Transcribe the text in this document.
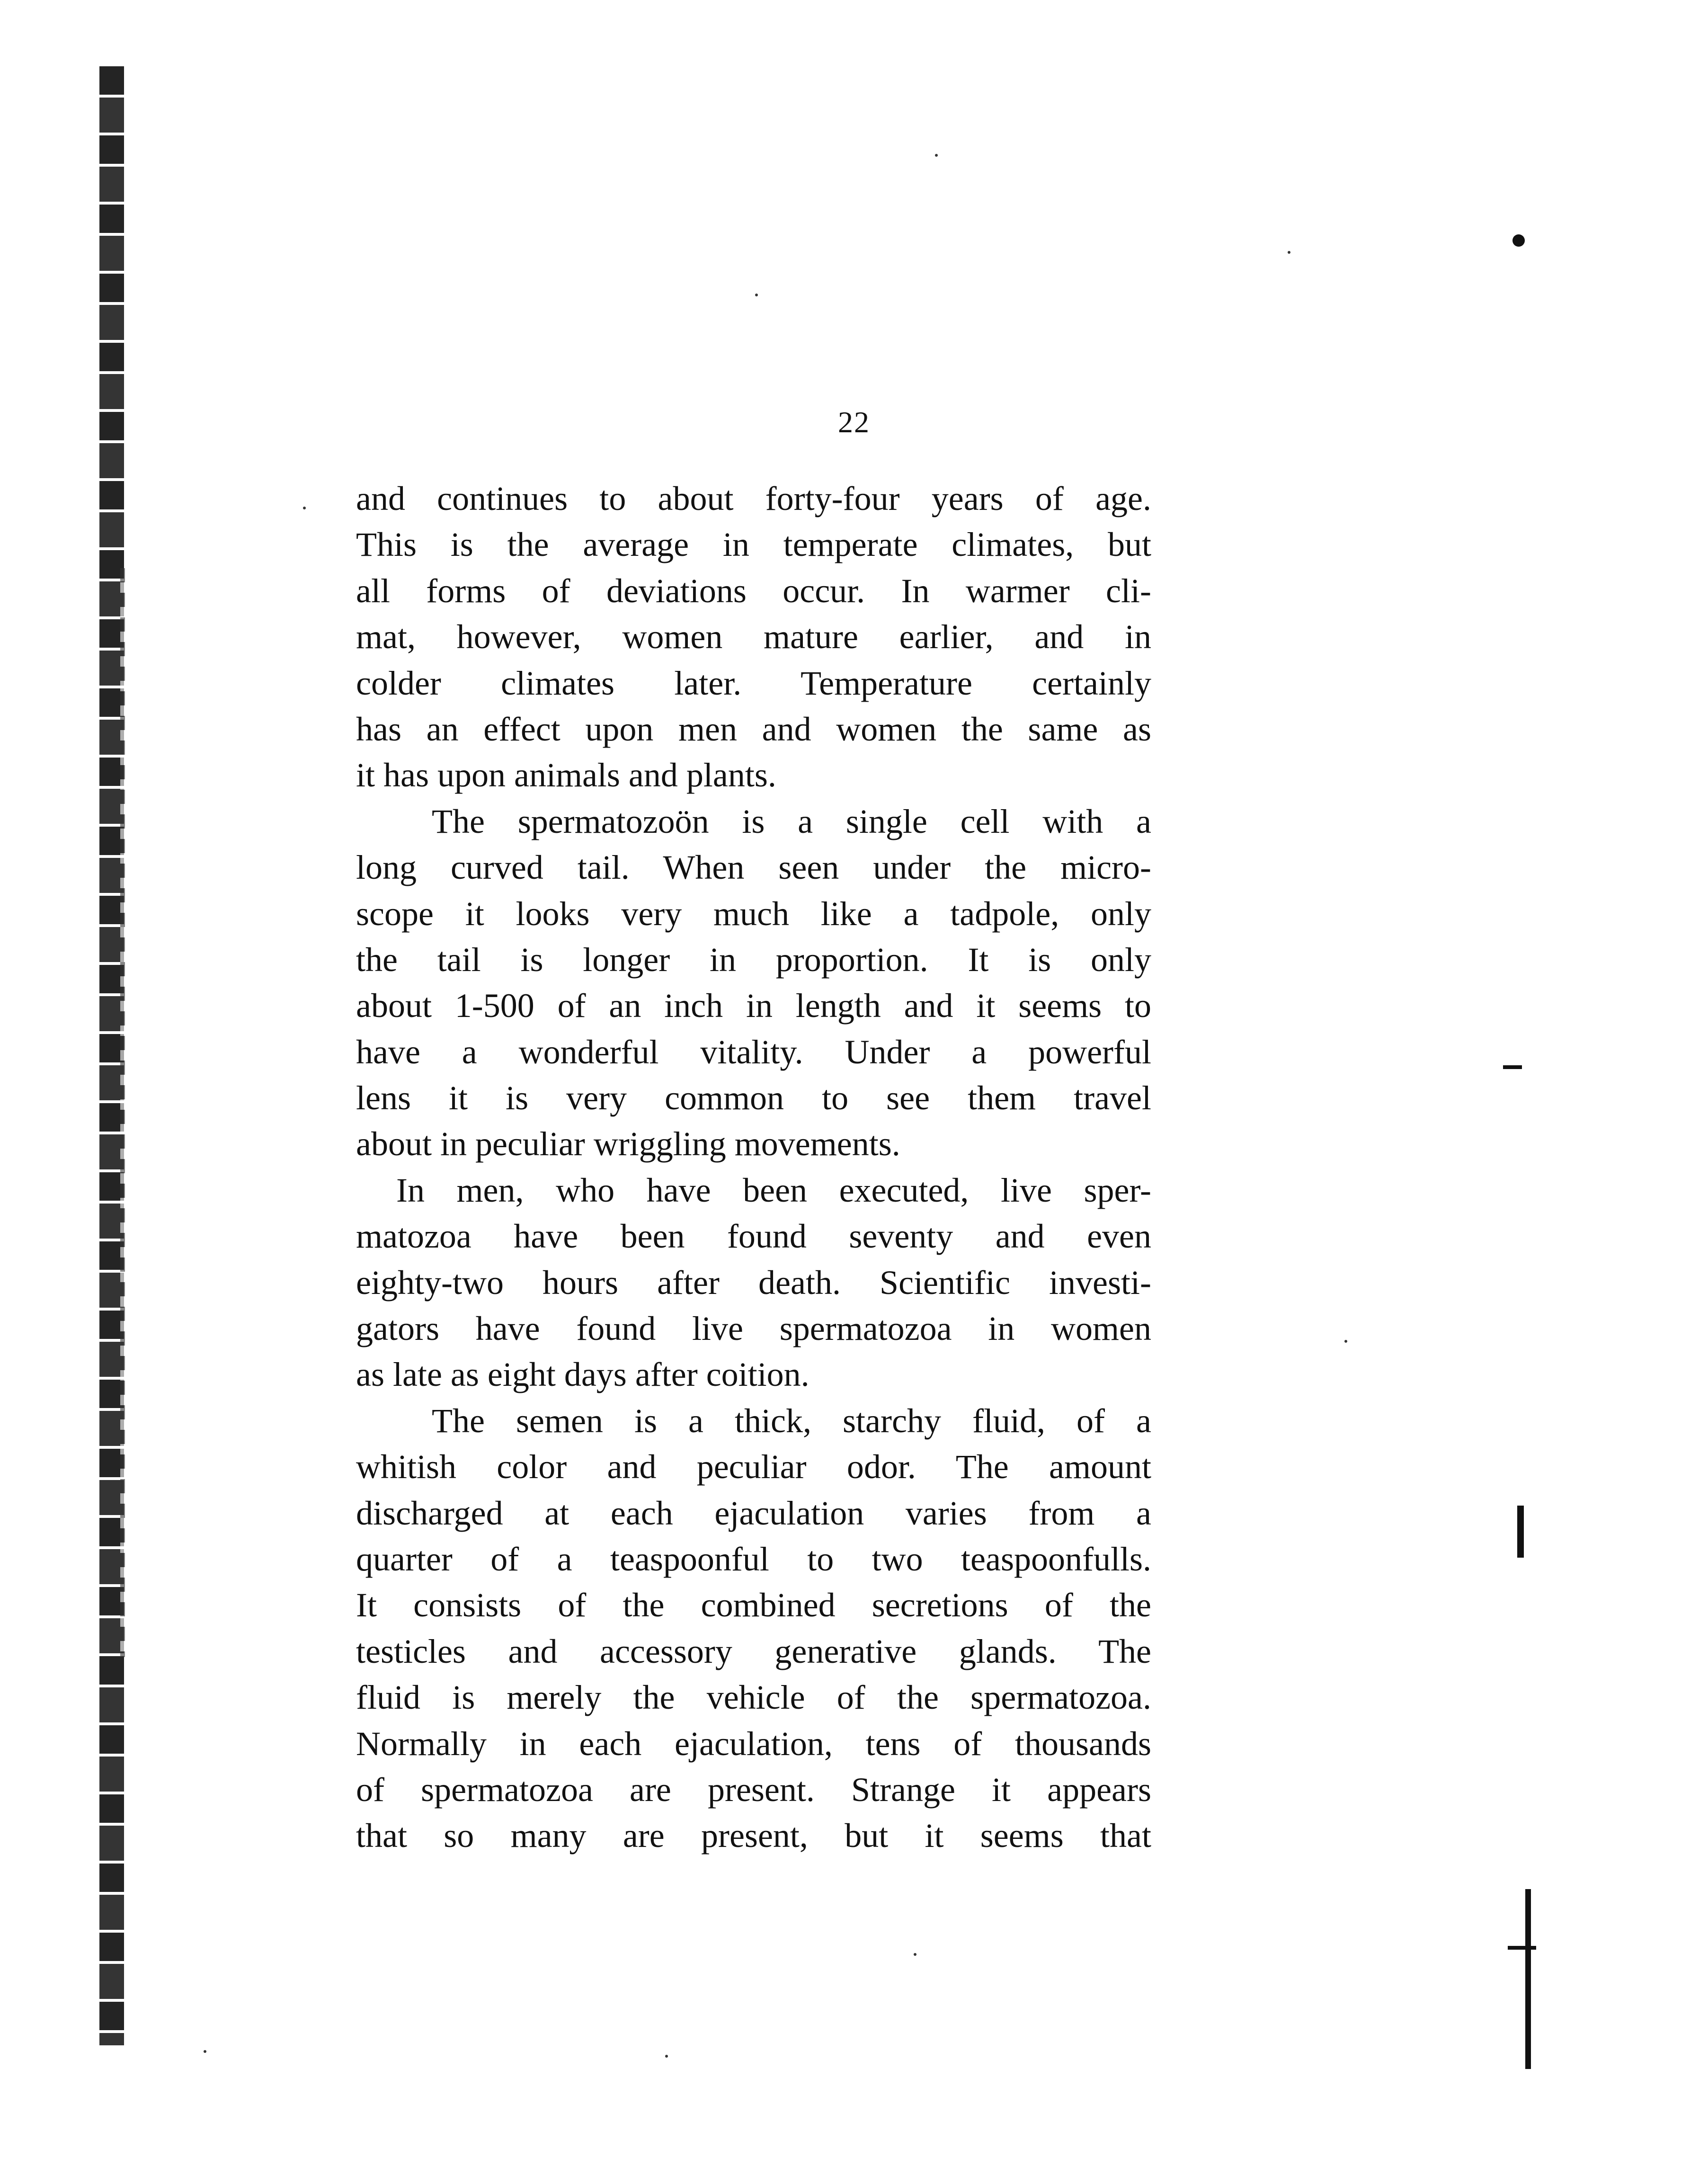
22
and continues to about forty-four years of age.
This is the average in temperate climates, but
all forms of deviations occur. In warmer cli-
mat, however, women mature earlier, and in
colder climates later. Temperature certainly
has an effect upon men and women the same as
it has upon animals and plants.
The spermatozoön is a single cell with a
long curved tail. When seen under the micro-
scope it looks very much like a tadpole, only
the tail is longer in proportion. It is only
about 1-500 of an inch in length and it seems to
have a wonderful vitality. Under a powerful
lens it is very common to see them travel
about in peculiar wriggling movements.
In men, who have been executed, live sper-
matozoa have been found seventy and even
eighty-two hours after death. Scientific investi-
gators have found live spermatozoa in women
as late as eight days after coition.
The semen is a thick, starchy fluid, of a
whitish color and peculiar odor. The amount
discharged at each ejaculation varies from a
quarter of a teaspoonful to two teaspoonfulls.
It consists of the combined secretions of the
testicles and accessory generative glands. The
fluid is merely the vehicle of the spermatozoa.
Normally in each ejaculation, tens of thousands
of spermatozoa are present. Strange it appears
that so many are present, but it seems that
